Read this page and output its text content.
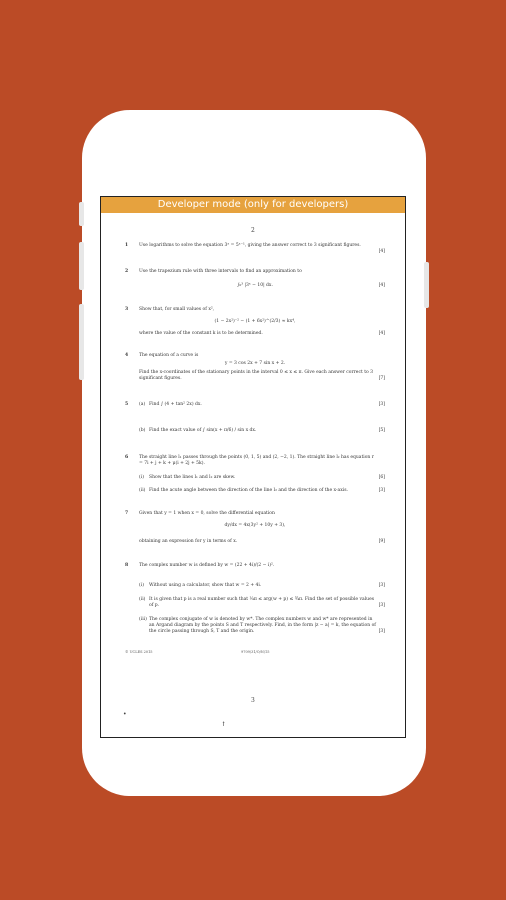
Developer mode (only for developers)
2
1 Use logarithms to solve the equation 3ˣ = 5ˣ⁻¹, giving the answer correct to 3 significant figures.
[4]
2 Use the trapezium rule with three intervals to find an approximation to
∫₀³ |3ˣ − 10| dx.	[4]
3 Show that, for small values of x²,
(1 − 2x²)⁻² − (1 + 6x²)^(2/3) ≈ kx⁴,
where the value of the constant k is to be determined.	[4]
4 The equation of a curve is
y = 3 cos 2x + 7 sin x + 2.
Find the x-coordinates of the stationary points in the interval 0 ≤ x ≤ π. Give each answer correct to 3 significant figures.	[7]
5 (a) Find ∫ (4 + tan² 2x) dx.	[3]
(b) Find the exact value of ∫ sin(x + π/6) / sin x dx.	[5]
6 The straight line l₁ passes through the points (0, 1, 5) and (2, −2, 1). The straight line l₂ has equation r = 7i + j + k + μ(i + 2j + 5k).
(i) Show that the lines l₁ and l₂ are skew.	[6]
(ii) Find the acute angle between the direction of the line l₂ and the direction of the x-axis.	[3]
7 Given that y = 1 when x = 0, solve the differential equation
dy/dx = 4x(3y² + 10y + 3),
obtaining an expression for y in terms of x.	[9]
8 The complex number w is defined by w = (22 + 4i)/(2 − i)².
(i) Without using a calculator, show that w = 2 + 4i.	[3]
(ii) It is given that p is a real number such that ¼π ≤ arg(w + p) ≤ ¾π. Find the set of possible values of p.	[3]
(iii) The complex conjugate of w is denoted by w*. The complex numbers w and w* are represented in an Argand diagram by the points S and T respectively. Find, in the form |z − a| = k, the equation of the circle passing through S, T and the origin.	[3]
© UCLES 2015	9709/31/O/N/15
3
•
↑
